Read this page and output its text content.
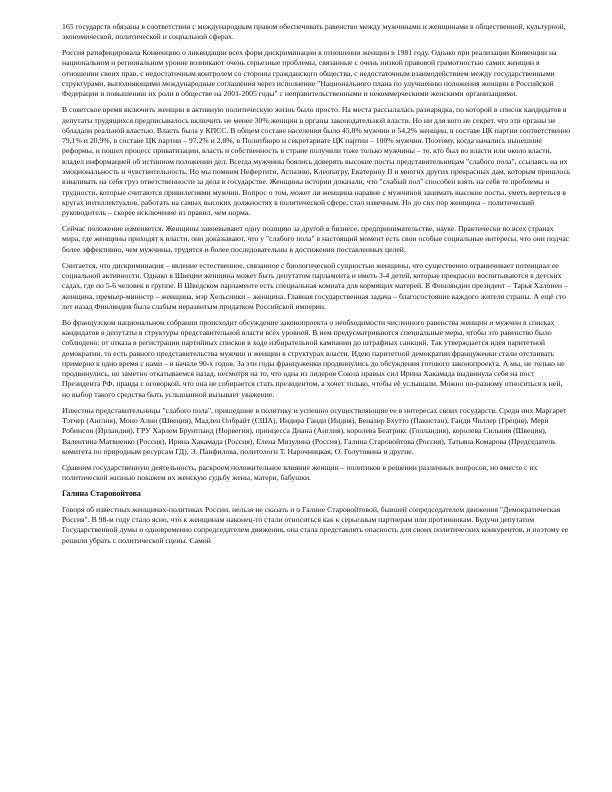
165 государств обязаны в соответствии с международным правом обеспечивать равенство между мужчинами и женщинами в общественной, культурной, экономической, политической и социальной сферах.

Россия ратифицировала Конвенцию о ликвидации всех форм дискриминации в отношении женщин в 1981 году. Однако при реализации Конвенции на национальном и региональном уровне возникают очень серьезные проблемы, связанные с очень низкой правовой грамотностью самих женщин в отношении своих прав, с недостаточным контролем со стороны гражданского общества, с недостаточным взаимодействием между государственными структурами, выполняющими международные соглашения через исполнение "Национального плана по улучшению положения женщин в Российской Федерации и повышению их роли в обществе на 2001-2005 годы" с неправительственными и некоммерческими женскими организациями.

В советское время включить женщин в активную политическую жизнь было просто. На места рассылалась разнарядка, по которой в список кандидатов в депутаты трудящихся предписывалось включить не менее 30% женщин в органы законодательной власти. Но ни для кого не секрет, что эти органы не обладали реальной властью. Власть была у КПСС. В общем составе населения было 45,8% мужчин и 54,2% женщин, в составе ЦК партии соответственно 79,1% и 20,9%, в составе ЦК партии – 97,2% и 2,8%, в Политбюро и секретариате ЦК партии – 100% мужчин. Поэтому, когда начались нынешние реформы, и пошел процесс приватизации, власть и собственность в стране получили тоже только мужчины – те, кто был во власти или около власти, владел информацией об истинном положении дел. Всегда мужчины боялись доверять высокие посты представительницам "слабого пола", ссылаясь на их эмоциональность и чувствительность. Но мы помним Нефертити, Аспазию, Клеопатру, Екатерину II и многих других прекрасных дам, которым пришлось взваливать на себя груз ответственности за дела в государстве. Женщины истории доказали, что "слабый пол" способен взять на себя те проблемы и трудности, которые считаются привилегиями мужчин. Вопрос о том, может ли женщина наравне с мужчиной занимать высокие посты, уметь вертеться в кругах интеллектуалов, работать на самых высоких должностях в политической сфере, стал извечным. Но до сих пор женщина – политический руководитель – скорее исключение из правил, чем норма.

Сейчас положение изменяется. Женщины завоевывают одну позицию за другой в бизнесе, предпринимательстве, науке. Практически во всех странах мира, где женщины приходят к власти, они доказывают, что у "слабого пола" в настоящий момент есть свои особые социальные интересы, что они подчас более эффективно, чем мужчины, трудятся и более последовательны в достижении поставленных целей.

Считается, что дискриминация – явление естественное, связанное с биологической сущностью женщины, что существенно ограничивает потенциал ее социальной активности. Однако в Швеции женщина может быть депутатом парламента и иметь 3-4 детей, которые прекрасно воспитываются в детских садах, где по 5-6 человек в группе. В Шведском парламенте есть специальная комната для кормящих матерей. В Финляндии президент – Тарья Халонен – женщина, премьер-министр – женщина, мэр Хельсинки – женщина. Главная государственная задача – благосостояние каждого жителя страны. А ещё сто лет назад Финляндия была слабым неразвитым придатком Российской империи.

Во французском национальном собрании происходит обсуждение законопроекта о необходимости численного равенства женщин и мужчин в списках кандидатов в депутаты в структуры представительной власти всех уровней. В нем предусматриваются специальные меры, чтобы это равенство было соблюдено: от отказа в регистрации партийных списков в ходе избирательной кампании до штрафных санкций. Так утверждается идея паритетной демократии, то есть равного представительства мужчин и женщин в структурах власти. Идею паритетной демократии француженки стали отстаивать примерно в одно время с нами – в начале 90-х годов. За эти годы француженки продвинулись до обсуждения готового законопроекта. А мы, не только не продвинулись, но заметно откатываемся назад, несмотря на то, что одна из лидеров Союза правых сил Ирина Хакамада выдвинула себя на пост Президента РФ, правда с оговоркой, что она не собирается стать президентом, а хочет только, чтобы её услышали. Можно по-разному относиться к ней, но выбор такого средства быть услышанной вызывает уважение.

Известны представительницы "слабого пола", пришедшие в политику и успешно осуществляющие ее в интересах своих государств. Среди них Маргарет Тэтчер (Англия), Моно Алин (Швеция), Мадлен Олбрайт (США), Индира Ганди (Индия), Беназир Бхутто (Пакистан), Ганди Чиллер (Греция), Мери Робинсон (Ирландия), ГРУ Харлем Брунтланд (Норвегия), принцесса Диана (Англия), королева Беатрикс (Голландия), королева Сильвия (Швеция), Валентина Матвиенко (Россия), Ирина Хакамада (Россия), Елена Мизулина (Россия), Галина Старовойтова (Россия), Татьяна Комарова (Председатель комитета по природным ресурсам ГД), Э. Панфилова, политологи Т. Нарочницкая, О. Голутовина и другие.

Сравним государственную деятельность, раскроем положительное влияние женщин – политиков в решении различных вопросов, но вместе с их политической жизнью покажем их женскую судьбу жены, матери, бабушки.

Галина Старовойтова

Говоря об известных женщинах-политиках России, нельзя не сказать и о Галине Старовойтовой, бывшей сопредседателем движения "Демократическая Россия". В 98-м году стало ясно, что к женщинам наконец-то стали относиться как к серьезным партнерам или противникам. Будучи депутатом Государственной думы и одновременно сопредседателем движения, она стала представлять опасность для своих политических конкурентов, и поэтому ее решили убрать с политической сцены. Самой
